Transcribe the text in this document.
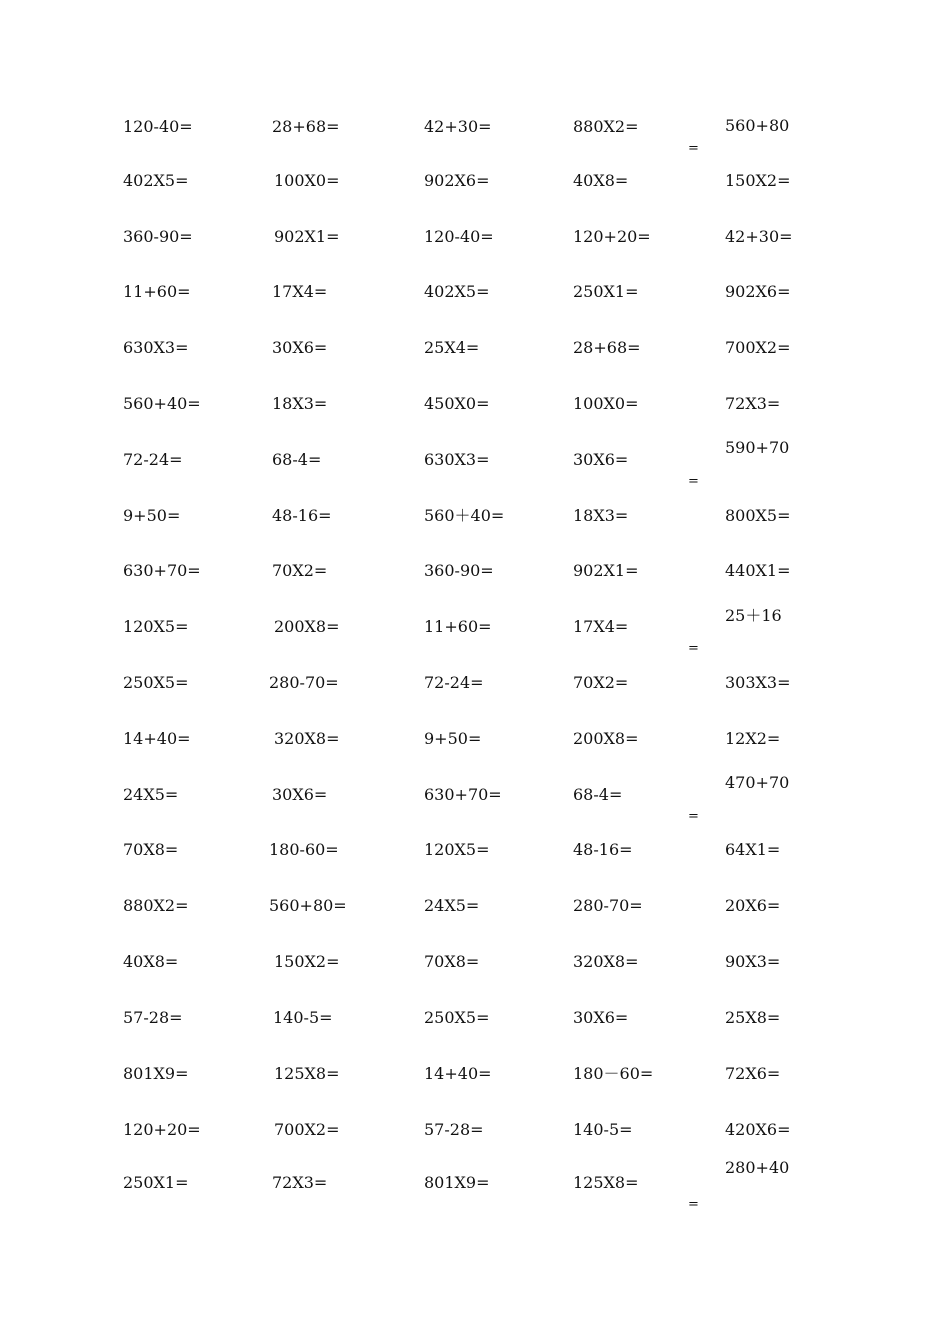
120-40=
402X5=
360-90=
11+60=
630X3=
560+40=
72-24=
9+50=
630+70=
120X5=
250X5=
14+40=
24X5=
70X8=
880X2=
40X8=
57-28=
801X9=
120+20=
250X1=
28+68=
100X0=
902X1=
17X4=
30X6=
18X3=
68-4=
48-16=
70X2=
200X8=
280-70=
320X8=
30X6=
180-60=
560+80=
150X2=
140-5=
125X8=
700X2=
72X3=
42+30=
902X6=
120-40=
402X5=
25X4=
450X0=
630X3=
560＋40=
360-90=
11+60=
72-24=
9+50=
630+70=
120X5=
24X5=
70X8=
250X5=
14+40=
57-28=
801X9=
880X2=
40X8=
120+20=
250X1=
28+68=
100X0=
30X6=
18X3=
902X1=
17X4=
70X2=
200X8=
68-4=
48-16=
280-70=
320X8=
30X6=
180－60=
140-5=
125X8=
560+80
150X2=
42+30=
902X6=
700X2=
72X3=
590+70
800X5=
440X1=
25＋16
303X3=
12X2=
470+70
64X1=
20X6=
90X3=
25X8=
72X6=
420X6=
280+40
=
=
=
=
=
